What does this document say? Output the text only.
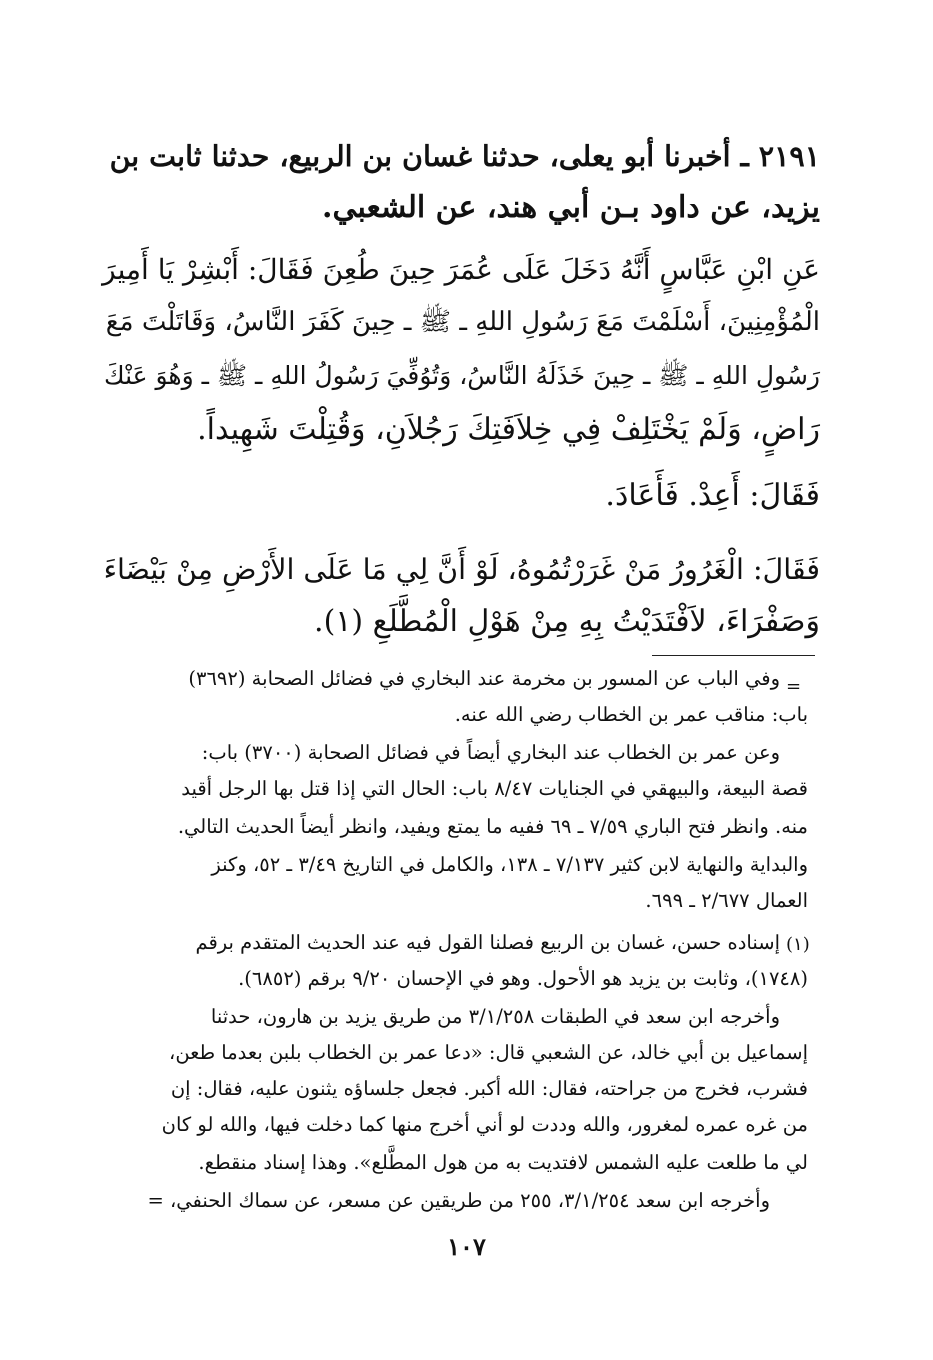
٢١٩١ ـ أخبرنا أبو يعلى، حدثنا غسان بن الربيع، حدثنا ثابت بن
يزيد، عن داود بـن أبي هند، عن الشعبي.
عَنِ ابْنِ عَبَّاسٍ أَنَّهُ دَخَلَ عَلَى عُمَرَ حِينَ طُعِنَ فَقَالَ: أَبْشِرْ يَا أَمِيرَ
الْمُؤْمِنِينَ، أَسْلَمْتَ مَعَ رَسُولِ اللهِ ـ ﷺ ـ حِينَ كَفَرَ النَّاسُ، وَقَاتَلْتَ مَعَ
رَسُولِ اللهِ ـ ﷺ ـ حِينَ خَذَلَهُ النَّاسُ، وَتُوُفِّيَ رَسُولُ اللهِ ـ ﷺ ـ وَهُوَ عَنْكَ
رَاضٍ، وَلَمْ يَخْتَلِفْ فِي خِلاَفَتِكَ رَجُلاَنِ، وَقُتِلْتَ شَهِيداً.
فَقَالَ: أَعِدْ. فَأَعَادَ.
فَقَالَ: الْغَرُورُ مَنْ غَرَرْتُمُوهُ، لَوْ أَنَّ لِي مَا عَلَى الأَرْضِ مِنْ بَيْضَاءَ
وَصَفْرَاءَ، لاَفْتَدَيْتُ بِهِ مِنْ هَوْلِ الْمُطَّلَعِ (١).
=
وفي الباب عن المسور بن مخرمة عند البخاري في فضائل الصحابة (٣٦٩٢)
باب: مناقب عمر بن الخطاب رضي الله عنه.
وعن عمر بن الخطاب عند البخاري أيضاً في فضائل الصحابة (٣٧٠٠) باب:
قصة البيعة، والبيهقي في الجنايات ٨/٤٧ باب: الحال التي إذا قتل بها الرجل أقيد
منه. وانظر فتح الباري ٧/٥٩ ـ ٦٩ ففيه ما يمتع ويفيد، وانظر أيضاً الحديث التالي.
والبداية والنهاية لابن كثير ٧/١٣٧ ـ ١٣٨، والكامل في التاريخ ٣/٤٩ ـ ٥٢، وكنز
العمال ٢/٦٧٧ ـ ٦٩٩.
(١)
إسناده حسن، غسان بن الربيع فصلنا القول فيه عند الحديث المتقدم برقم
(١٧٤٨)، وثابت بن يزيد هو الأحول. وهو في الإحسان ٩/٢٠ برقم (٦٨٥٢).
وأخرجه ابن سعد في الطبقات ٣/١/٢٥٨ من طريق يزيد بن هارون، حدثنا
إسماعيل بن أبي خالد، عن الشعبي قال: «دعا عمر بن الخطاب بلبن بعدما طعن،
فشرب، فخرج من جراحته، فقال: الله أكبر. فجعل جلساؤه يثنون عليه، فقال: إن
من غره عمره لمغرور، والله وددت لو أني أخرج منها كما دخلت فيها، والله لو كان
لي ما طلعت عليه الشمس لافتديت به من هول المطَّلع». وهذا إسناد منقطع.
وأخرجه ابن سعد ٣/١/٢٥٤، ٢٥٥ من طريقين عن مسعر، عن سماك الحنفي، =
١٠٧
